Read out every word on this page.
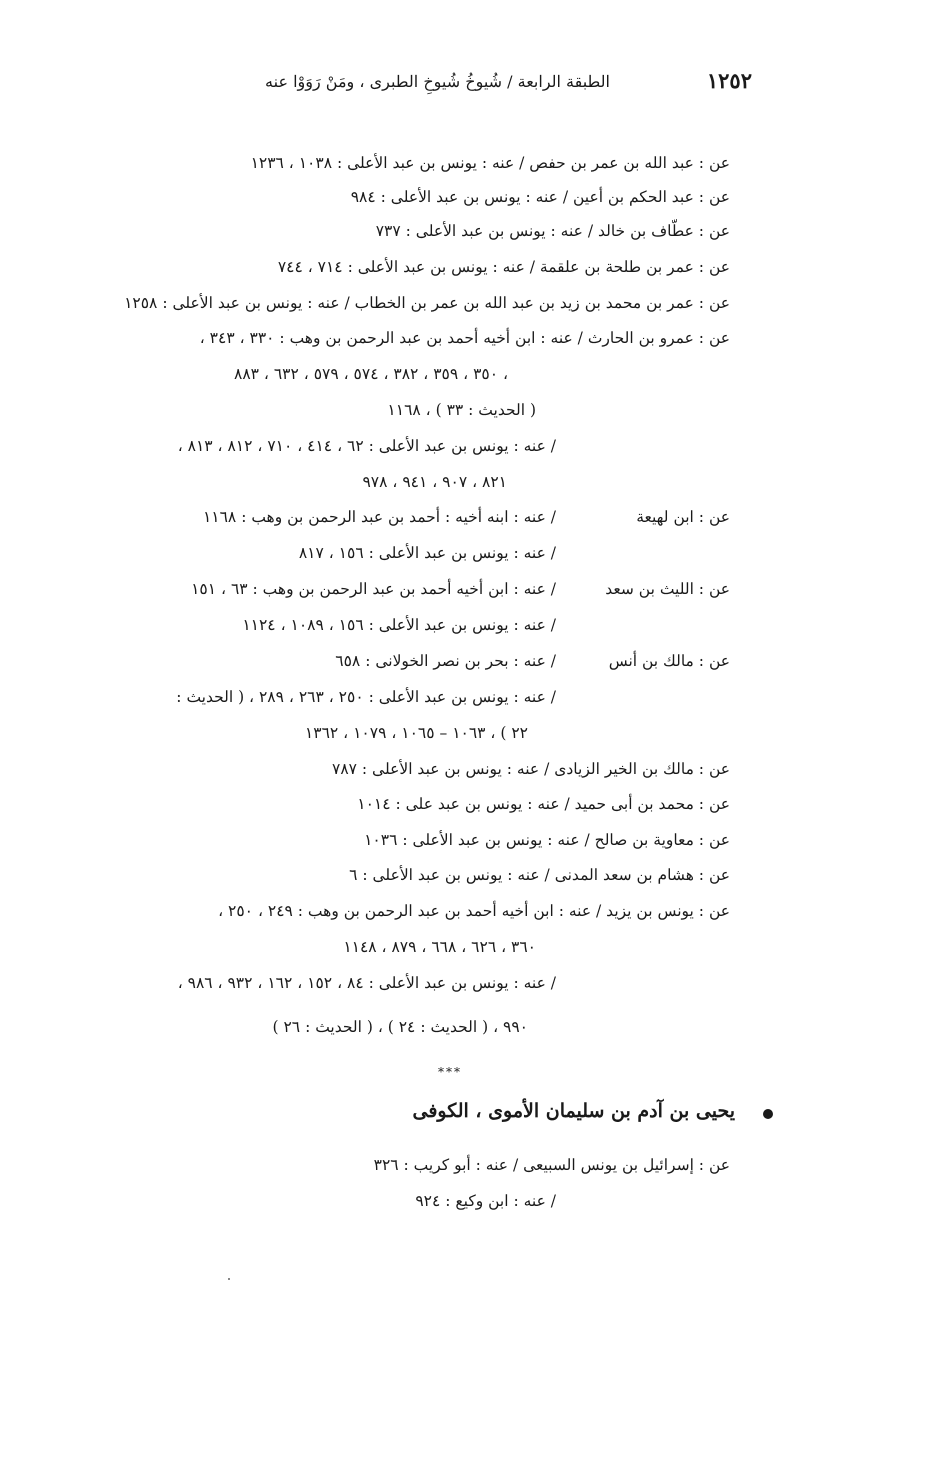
١٢٥٢
الطبقة الرابعة / شُيوخُ شُيوخِ الطبرى ، ومَنْ رَوَوْا عنه
عن : عبد الله بن عمر بن حفص / عنه : يونس بن عبد الأعلى : ١٠٣٨ ، ١٢٣٦
عن : عبد الحكم بن أعين / عنه : يونس بن عبد الأعلى : ٩٨٤
عن : عطّاف بن خالد / عنه : يونس بن عبد الأعلى : ٧٣٧
عن : عمر بن طلحة بن علقمة / عنه : يونس بن عبد الأعلى : ٧١٤ ، ٧٤٤
عن : عمر بن محمد بن زيد بن عبد الله بن عمر بن الخطاب / عنه : يونس بن عبد الأعلى : ١٢٥٨
عن : عمرو بن الحارث / عنه : ابن أخيه أحمد بن عبد الرحمن بن وهب : ٣٣٠ ، ٣٤٣ ،
٣٥٠ ، ٣٥٩ ، ٣٨٢ ، ٥٧٤ ، ٥٧٩ ، ٦٣٢ ، ٨٨٣ ،
( الحديث : ٣٣ ) ، ١١٦٨
/ عنه : يونس بن عبد الأعلى : ٦٢ ، ٤١٤ ، ٧١٠ ، ٨١٢ ، ٨١٣ ،
٨٢١ ، ٩٠٧ ، ٩٤١ ، ٩٧٨
عن : ابن لهيعة
/ عنه : ابنه أخيه : أحمد بن عبد الرحمن بن وهب : ١١٦٨
/ عنه : يونس بن عبد الأعلى : ١٥٦ ، ٨١٧
عن : الليث بن سعد
/ عنه : ابن أخيه أحمد بن عبد الرحمن بن وهب : ٦٣ ، ١٥١
/ عنه : يونس بن عبد الأعلى : ١٥٦ ، ١٠٨٩ ، ١١٢٤
عن : مالك بن أنس
/ عنه : بحر بن نصر الخولانى : ٦٥٨
/ عنه : يونس بن عبد الأعلى : ٢٥٠ ، ٢٦٣ ، ٢٨٩ ، ( الحديث :
٢٢ ) ، ١٠٦٣ – ١٠٦٥ ، ١٠٧٩ ، ١٣٦٢
عن : مالك بن الخير الزيادى / عنه : يونس بن عبد الأعلى : ٧٨٧
عن : محمد بن أبى حميد / عنه : يونس بن عبد على : ١٠١٤
عن : معاوية بن صالح / عنه : يونس بن عبد الأعلى : ١٠٣٦
عن : هشام بن سعد المدنى / عنه : يونس بن عبد الأعلى : ٦
عن : يونس بن يزيد / عنه : ابن أخيه أحمد بن عبد الرحمن بن وهب : ٢٤٩ ، ٢٥٠ ،
٣٦٠ ، ٦٢٦ ، ٦٦٨ ، ٨٧٩ ، ١١٤٨
/ عنه : يونس بن عبد الأعلى : ٨٤ ، ١٥٢ ، ١٦٢ ، ٩٣٢ ، ٩٨٦ ،
٩٩٠ ، ( الحديث : ٢٤ ) ، ( الحديث : ٢٦ )
***
يحيى بن آدم بن سليمان الأموى ، الكوفى
عن : إسرائيل بن يونس السبيعى / عنه : أبو كريب : ٣٢٦
/ عنه : ابن وكيع : ٩٢٤
